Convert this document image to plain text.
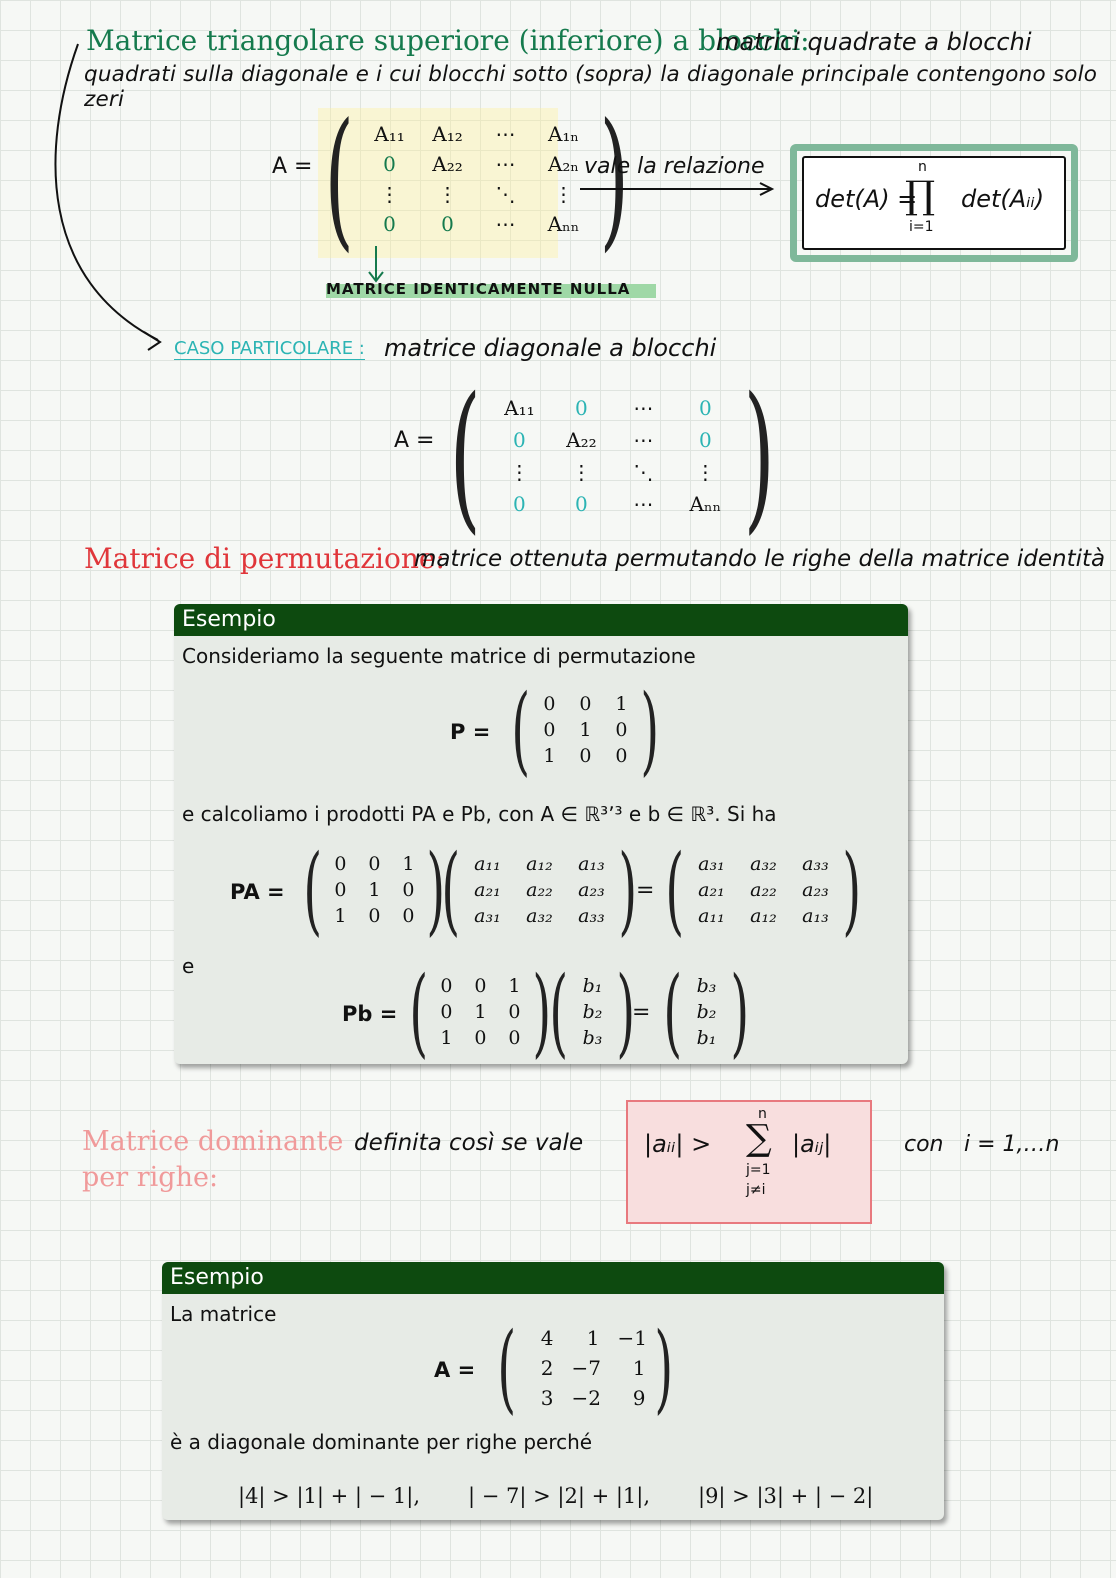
Matrice triangolare superiore (inferiore) a blocchi:
matrici quadrate a blocchi
quadrati sulla diagonale e i cui blocchi sotto (sopra) la diagonale principale contengono solo zeri
A = ( A₁₁ A₁₂	⋯	A₁ₙ
0	A₂₂	⋯	A₂ₙ
⋮	⋮	⋱	⋮
0	0	⋯	Aₙₙ )
MATRICE IDENTICAMENTE NULLA
vale la relazione
det(A) =
n
∏
i=1
det(Aᵢᵢ)
CASO PARTICOLARE : matrice diagonale a blocchi
A = (	A₁₁	0	⋯	0
0	A₂₂	⋯	0
⋮	⋮	⋱	⋮
0	0	⋯	Aₙₙ )
Matrice di permutazione:
matrice ottenuta permutando le righe della matrice identità
Esempio
Consideriamo la seguente matrice di permutazione
P = ( 0 0 1
0 1 0
1 0 0 )
e calcoliamo i prodotti PA e Pb, con A ∈ ℝ³ʼ³ e b ∈ ℝ³. Si ha
PA = ( 0 0 1
0 1 0
1 0 0 )
( a₁₁ a₁₂ a₁₃
a₂₁ a₂₂ a₂₃
a₃₁ a₃₂ a₃₃ )
= ( a₃₁ a₃₂ a₃₃
a₂₁ a₂₂ a₂₃
a₁₁ a₁₂ a₁₃ )
e
Pb = ( 0 0 1
0 1 0
1 0 0 )
( b₁
b₂
b₃ )
= ( b₃
b₂
b₁ )
Matrice dominante
per righe:
definita così se vale	|aᵢᵢ| >
n
∑
j=1
j≠i
|aᵢⱼ|	con i = 1,…n
Esempio
La matrice
A = (	4	1 −1
2 −7	1
3 −2	9 )
è a diagonale dominante per righe perché
|4| > |1| + | − 1|, | − 7| > |2| + |1|, |9| > |3| + | − 2|
